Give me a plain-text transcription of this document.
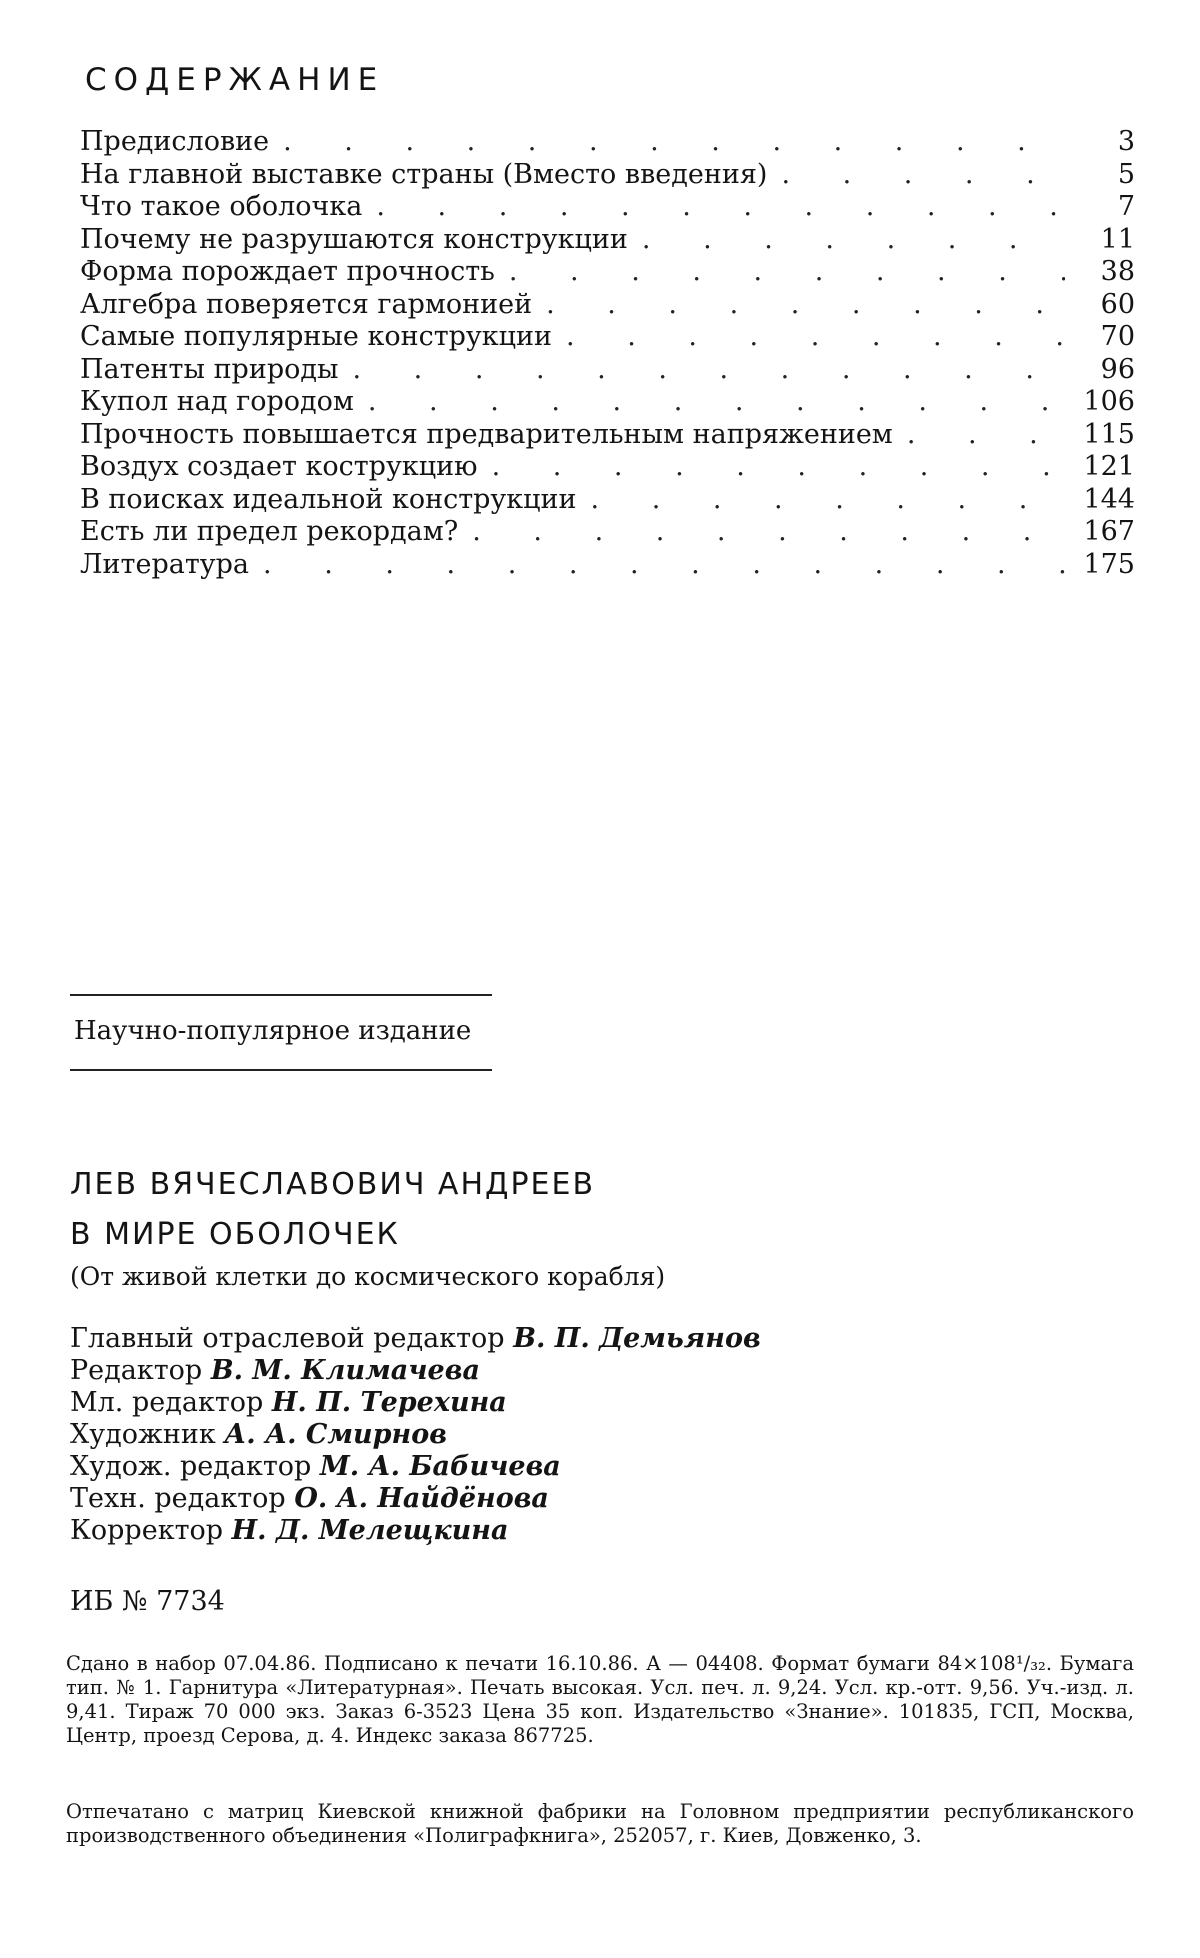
СОДЕРЖАНИЕ
Предисловие . . .	3
На главной выставке страны (Вместо введения) . . .	5
Что такое оболочка . . .	7
Почему не разрушаются конструкции . . .	11
Форма порождает прочность . . .	38
Алгебра поверяется гармонией . . .	60
Самые популярные конструкции . . .	70
Патенты природы . . .	96
Купол над городом . . .	106
Прочность повышается предварительным напряжением . . .	115
Воздух создает кострукцию . . .	121
В поисках идеальной конструкции . . .	144
Есть ли предел рекордам? . . .	167
Литература . . .	175
Научно-популярное издание
ЛЕВ ВЯЧЕСЛАВОВИЧ АНДРЕЕВ
В МИРЕ ОБОЛОЧЕК
(От живой клетки до космического корабля)
Главный отраслевой редактор В. П. Демьянов
Редактор В. М. Климачева
Мл. редактор Н. П. Терехина
Художник А. А. Смирнов
Худож. редактор М. А. Бабичева
Техн. редактор О. А. Найдёнова
Корректор Н. Д. Мелещкина
ИБ № 7734
Сдано в набор 07.04.86. Подписано к печати 16.10.86. А — 04408. Формат бумаги 84×108¹/₃₂. Бумага тип. № 1. Гарнитура «Литературная». Печать высокая. Усл. печ. л. 9,24. Усл. кр.-отт. 9,56. Уч.-изд. л. 9,41. Тираж 70 000 экз. Заказ 6-3523 Цена 35 коп. Издательство «Знание». 101835, ГСП, Москва, Центр, проезд Серова, д. 4. Индекс заказа 867725.
Отпечатано с матриц Киевской книжной фабрики на Головном предприятии республиканского производственного объединения «Полиграфкнига», 252057, г. Киев, Довженко, 3.
